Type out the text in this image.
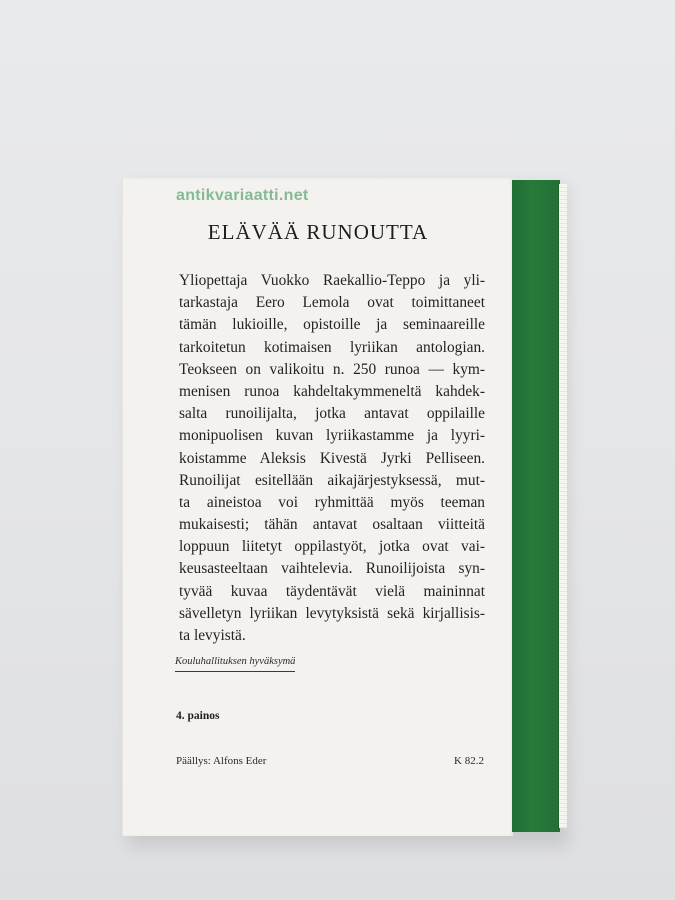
ELÄVÄÄ RUNOUTTA
Yliopettaja Vuokko Raekallio-Teppo ja yli-
tarkastaja Eero Lemola ovat toimittaneet
tämän lukioille, opistoille ja seminaareille
tarkoitetun kotimaisen lyriikan antologian.
Teokseen on valikoitu n. 250 runoa — kym-
menisen runoa kahdeltakymmeneltä kahdek-
salta runoilijalta, jotka antavat oppilaille
monipuolisen kuvan lyriikastamme ja lyyri-
koistamme Aleksis Kivestä Jyrki Pelliseen.
Runoilijat esitellään aikajärjestyksessä, mut-
ta aineistoa voi ryhmittää myös teeman
mukaisesti; tähän antavat osaltaan viitteitä
loppuun liitetyt oppilastyöt, jotka ovat vai-
keusasteeltaan vaihtelevia. Runoilijoista syn-
tyvää kuvaa täydentävät vielä maininnat
sävelletyn lyriikan levytyksistä sekä kirjallisis-
ta levyistä.
Kouluhallituksen hyväksymä
4. painos
Päällys: Alfons Eder	K 82.2
antikvariaatti.net
